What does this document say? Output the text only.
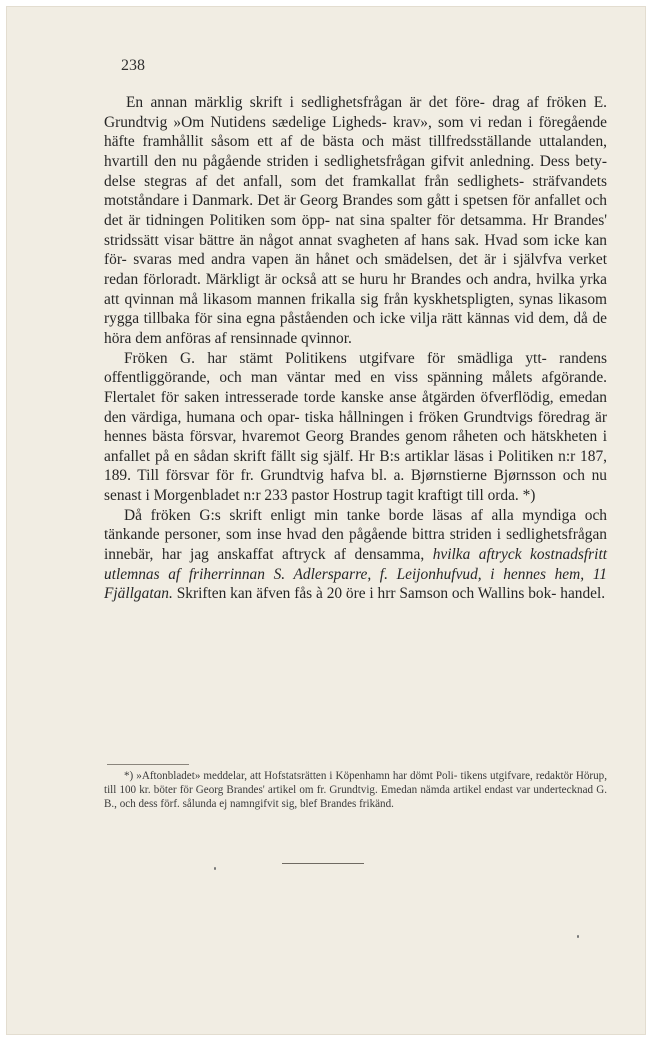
238

En annan märklig skrift i sedlighetsfrågan är det före- drag af fröken E. Grundtvig »Om Nutidens sædelige Ligheds- krav», som vi redan i föregående häfte framhållit såsom ett af de bästa och mäst tillfredsställande uttalanden, hvartill den nu pågående striden i sedlighetsfrågan gifvit anledning. Dess bety- delse stegras af det anfall, som det framkallat från sedlighets- sträfvandets motståndare i Danmark. Det är Georg Brandes som gått i spetsen för anfallet och det är tidningen Politiken som öpp- nat sina spalter för detsamma. Hr Brandes' stridssätt visar bättre än något annat svagheten af hans sak. Hvad som icke kan för- svaras med andra vapen än hånet och smädelsen, det är i självfva verket redan förloradt. Märkligt är också att se huru hr Brandes och andra, hvilka yrka att qvinnan må likasom mannen frikalla sig från kyskhetspligten, synas likasom rygga tillbaka för sina egna påståenden och icke vilja rätt kännas vid dem, då de höra dem anföras af rensinnade qvinnor.

Fröken G. har stämt Politikens utgifvare för smädliga ytt- randens offentliggörande, och man väntar med en viss spänning målets afgörande. Flertalet för saken intresserade torde kanske anse åtgärden öfverflödig, emedan den värdiga, humana och opar- tiska hållningen i fröken Grundtvigs föredrag är hennes bästa försvar, hvaremot Georg Brandes genom råheten och hätskheten i anfallet på en sådan skrift fällt sig själf. Hr B:s artiklar läsas i Politiken n:r 187, 189. Till försvar för fr. Grundtvig hafva bl. a. Bjørnstierne Bjørnsson och nu senast i Morgenbladet n:r 233 pastor Hostrup tagit kraftigt till orda. *)

Då fröken G:s skrift enligt min tanke borde läsas af alla myndiga och tänkande personer, som inse hvad den pågående bittra striden i sedlighetsfrågan innebär, har jag anskaffat aftryck af densamma, hvilka aftryck kostnadsfritt utlemnas af friherrinnan S. Adlersparre, f. Leijonhufvud, i hennes hem, 11 Fjällgatan. Skriften kan äfven fås à 20 öre i hrr Samson och Wallins bok- handel.

*) »Aftonbladet» meddelar, att Hofstatsrätten i Köpenhamn har dömt Poli- tikens utgifvare, redaktör Hörup, till 100 kr. böter för Georg Brandes' artikel om fr. Grundtvig. Emedan nämda artikel endast var undertecknad G. B., och dess förf. sålunda ej namngifvit sig, blef Brandes frikänd.
